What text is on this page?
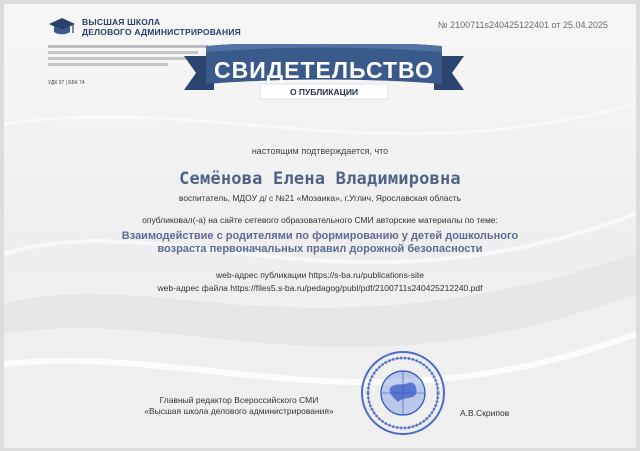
ВЫСШАЯ ШКОЛА
ДЕЛОВОГО АДМИНИСТРИРОВАНИЯ
УДК 37 | ББК 74
№ 2100711s240425122401 от 25.04.2025
СВИДЕТЕЛЬСТВО
О ПУБЛИКАЦИИ
настоящим подтверждается, что
Семёнова Елена Владимировна
воспитатель, МДОУ д/ с №21 «Мозаика», г.Углич, Ярославская область
опубликовал(-а) на сайте сетевого образовательного СМИ авторские материалы по теме:
Взаимодействие с родителями по формированию у детей дошкольного
возраста первоначальных правил дорожной безопасности
web-адрес публикации https://s-ba.ru/publications-site
web-адрес файла https://files5.s-ba.ru/pedagog/publ/pdf/2100711s240425212240.pdf
Главный редактор Всероссийского СМИ
«Высшая школа делового администрирования»	А.В.Скрипов
